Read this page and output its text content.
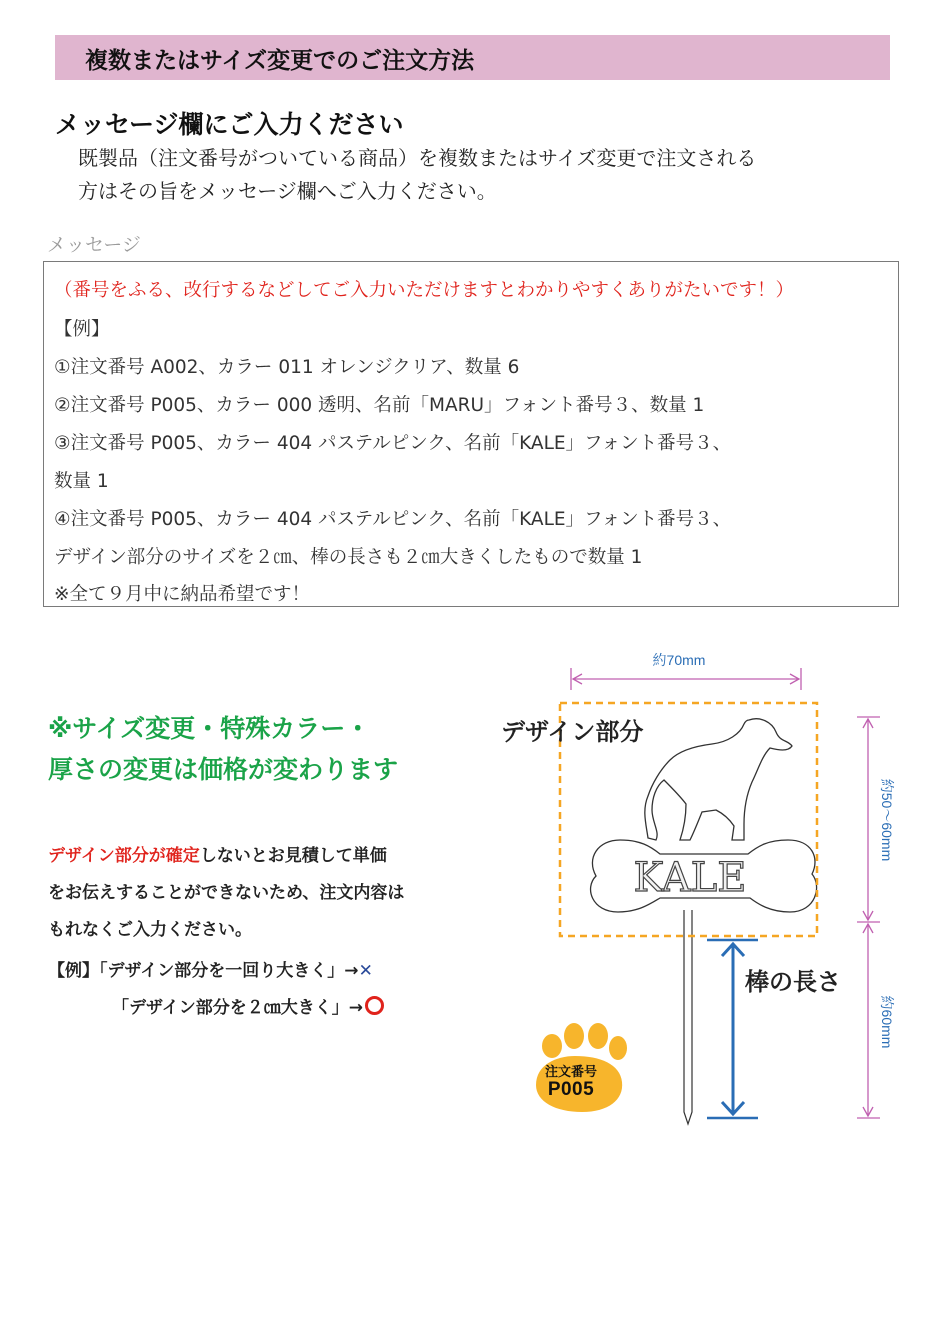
複数またはサイズ変更でのご注文方法
メッセージ欄にご入力ください
既製品（注文番号がついている商品）を複数またはサイズ変更で注文される
方はその旨をメッセージ欄へご入力ください。
メッセージ
（番号をふる、改行するなどしてご入力いただけますとわかりやすくありがたいです！）
【例】
①注文番号 A002、カラー 011 オレンジクリア、数量 6
②注文番号 P005、カラー 000 透明、名前「MARU」フォント番号３、数量 1
③注文番号 P005、カラー 404 パステルピンク、名前「KALE」フォント番号３、
数量 1
④注文番号 P005、カラー 404 パステルピンク、名前「KALE」フォント番号３、
デザイン部分のサイズを２㎝、棒の長さも２㎝大きくしたもので数量 1
※全て９月中に納品希望です！
※サイズ変更・特殊カラー・
厚さの変更は価格が変わります
デザイン部分が確定しないとお見積して単価
をお伝えすることができないため、注文内容は
もれなくご入力ください。
【例】「デザイン部分を一回り大きく」→✕
「デザイン部分を２㎝大きく」→
約70mm
約50～60mm
約60mm
KALE
デザイン部分
棒の長さ
注文番号
P005
